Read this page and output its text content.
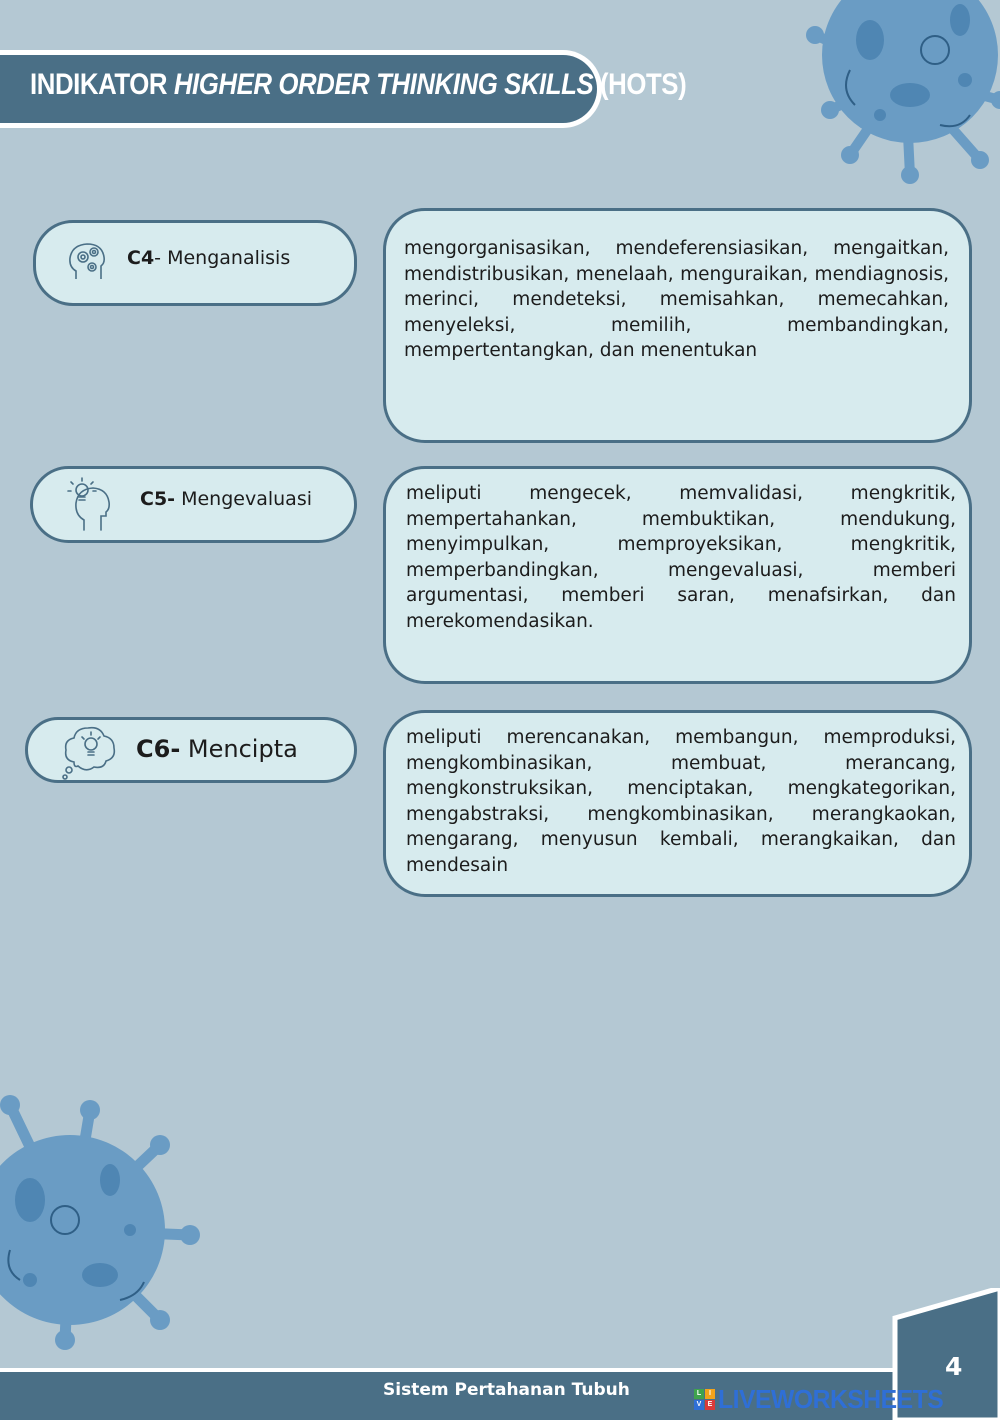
INDIKATOR HIGHER ORDER THINKING SKILLS (HOTS)
C4- Menganalisis	mengorganisasikan, mendeferensiasikan, mengaitkan, mendistribusikan, menelaah, menguraikan, mendiagnosis, merinci, mendeteksi, memisahkan, memecahkan, menyeleksi, memilih, membandingkan, mempertentangkan, dan menentukan

C5- Mengevaluasi	meliputi mengecek, memvalidasi, mengkritik, mempertahankan, membuktikan, mendukung, menyimpulkan, memproyeksikan, mengkritik, memperbandingkan, mengevaluasi, memberi argumentasi, memberi saran, menafsirkan, dan merekomendasikan.

C6- Mencipta	meliputi merencanakan, membangun, memproduksi, mengkombinasikan, membuat, merancang, mengkonstruksikan, menciptakan, mengkategorikan, mengabstraksi, mengkombinasikan, merangkaokan, mengarang, menyusun kembali, merangkaikan, dan mendesain

4
Sistem Pertahanan Tubuh	L	I
V E LIVEWORKSHEETS
